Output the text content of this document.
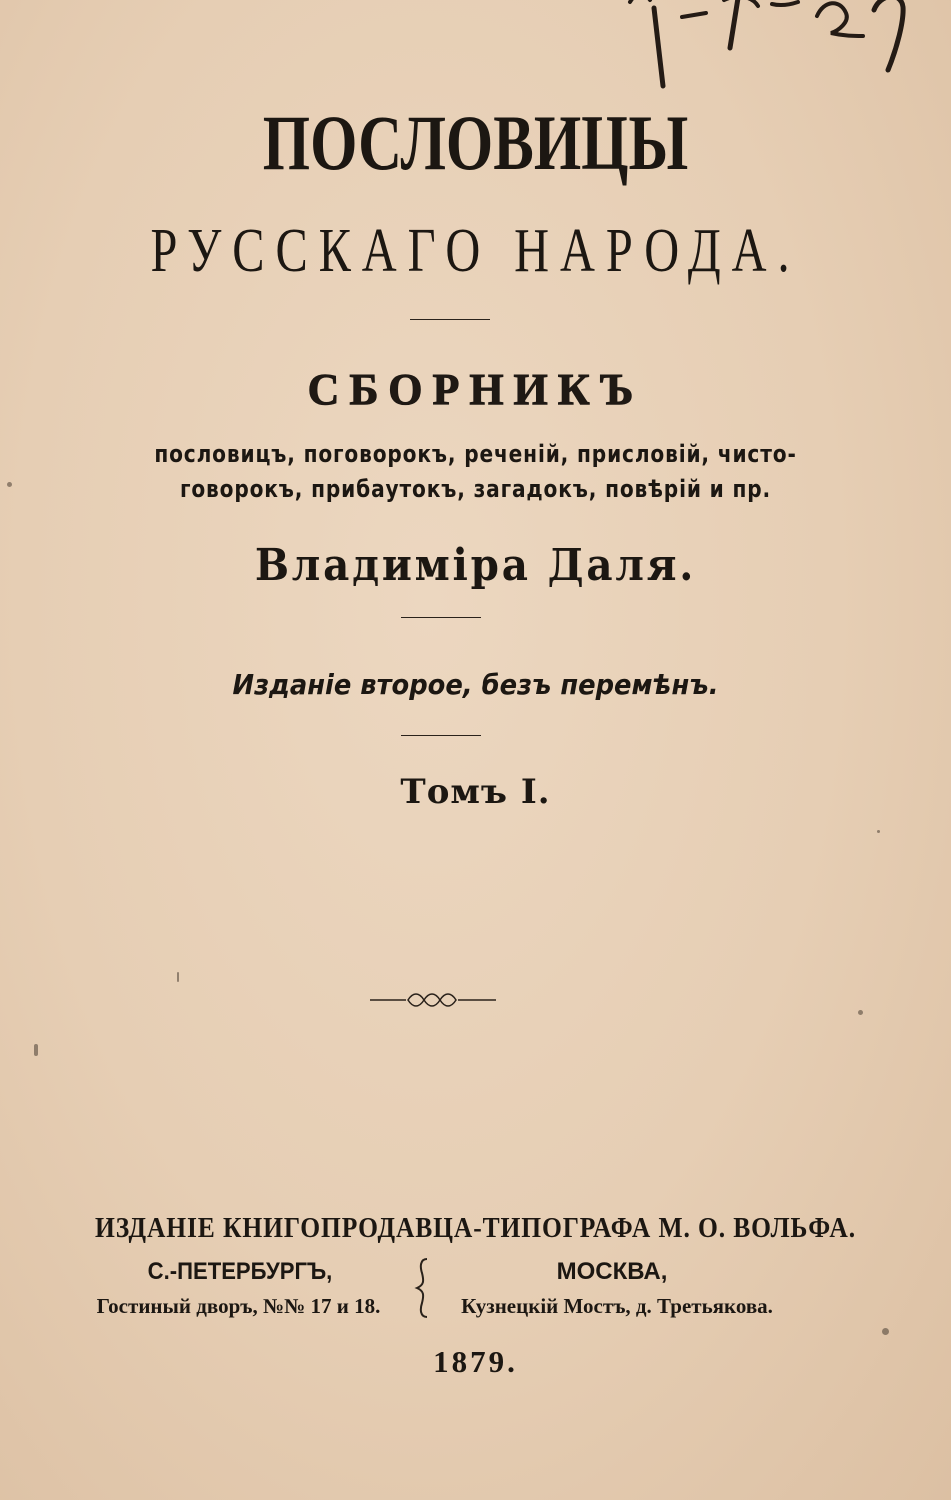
ПОСЛОВИЦЫ
РУССКАГО НАРОДА.
СБОРНИКЪ
пословицъ, поговорокъ, реченій, присловій, чисто-
говорокъ, прибаутокъ, загадокъ, повѣрій и пр.
Владиміра Даля.
Изданіе второе, безъ перемѣнъ.
Томъ I.
ИЗДАНІЕ КНИГОПРОДАВЦА-ТИПОГРАФА М. О. ВОЛЬФА.
С.-ПЕТЕРБУРГЪ,
Гостиный дворъ, №№ 17 и 18.
МОСКВА,
Кузнецкій Мостъ, д. Третьякова.
1879.
